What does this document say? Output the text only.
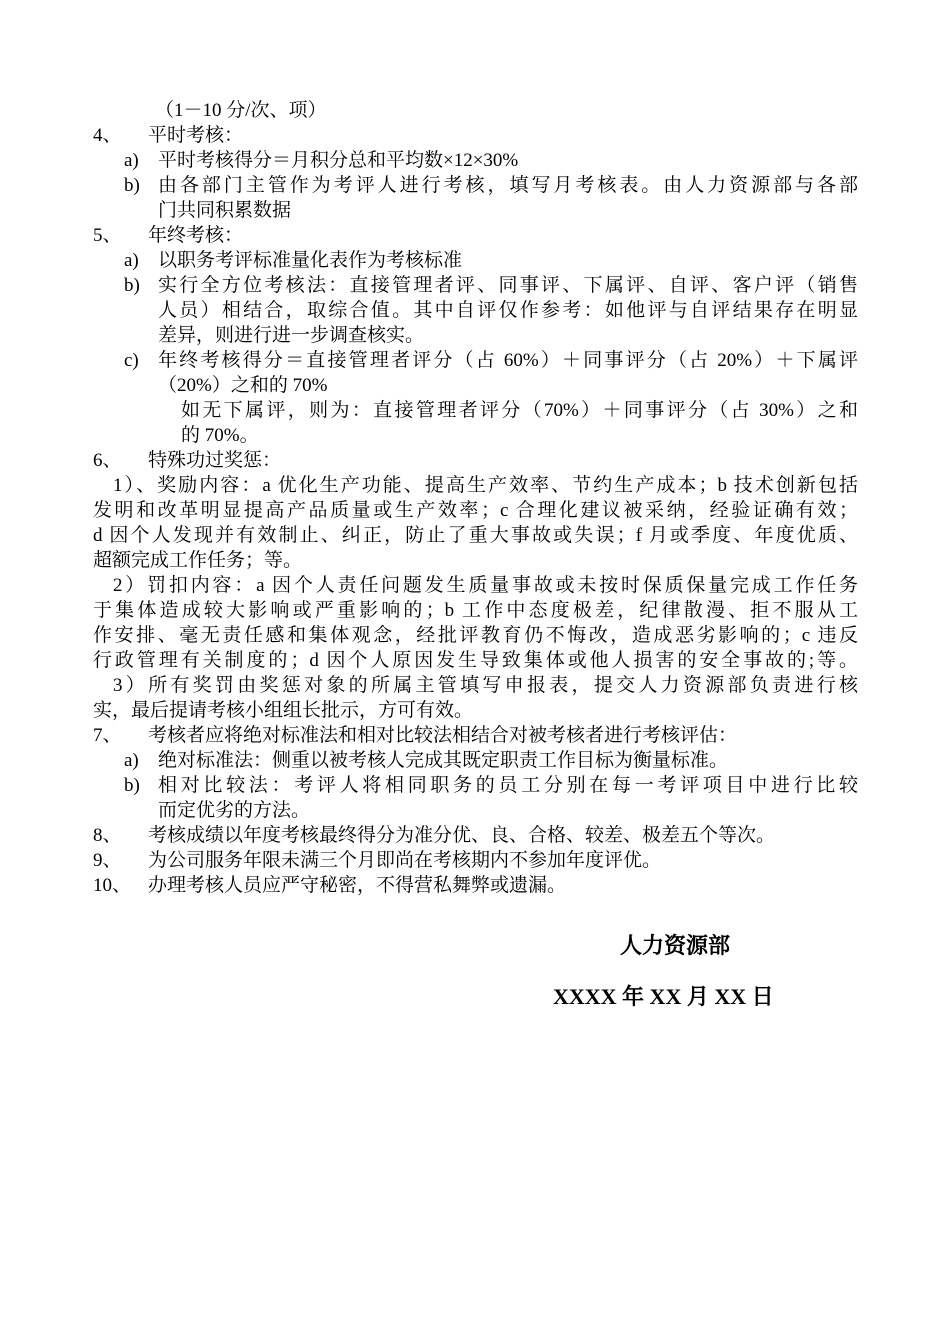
（1－10 分/次、项）
4、 平时考核：
a) 平时考核得分＝月积分总和平均数×12×30%
b) 由各部门主管作为考评人进行考核，填写月考核表。由人力资源部与各部
门共同积累数据
5、 年终考核：
a) 以职务考评标准量化表作为考核标准
b) 实行全方位考核法：直接管理者评、同事评、下属评、自评、客户评（销售
人员）相结合，取综合值。其中自评仅作参考：如他评与自评结果存在明显
差异，则进行进一步调查核实。
c) 年终考核得分＝直接管理者评分（占 60%）＋同事评分（占 20%）＋下属评
（20%）之和的 70%
如无下属评，则为：直接管理者评分（70%）＋同事评分（占 30%）之和
的 70%。
6、 特殊功过奖惩：
1）、奖励内容：a 优化生产功能、提高生产效率、节约生产成本；b 技术创新包括
发明和改革明显提高产品质量或生产效率；c 合理化建议被采纳，经验证确有效；
d 因个人发现并有效制止、纠正，防止了重大事故或失误；f 月或季度、年度优质、
超额完成工作任务；等。
2）罚扣内容：a 因个人责任问题发生质量事故或未按时保质保量完成工作任务
于集体造成较大影响或严重影响的；b 工作中态度极差，纪律散漫、拒不服从工
作安排、毫无责任感和集体观念，经批评教育仍不悔改，造成恶劣影响的；c 违反
行政管理有关制度的；d 因个人原因发生导致集体或他人损害的安全事故的;等。
3）所有奖罚由奖惩对象的所属主管填写申报表，提交人力资源部负责进行核
实，最后提请考核小组组长批示，方可有效。
7、 考核者应将绝对标准法和相对比较法相结合对被考核者进行考核评估：
a) 绝对标准法：侧重以被考核人完成其既定职责工作目标为衡量标准。
b) 相对比较法：考评人将相同职务的员工分别在每一考评项目中进行比较
而定优劣的方法。
8、 考核成绩以年度考核最终得分为准分优、良、合格、较差、极差五个等次。
9、 为公司服务年限未满三个月即尚在考核期内不参加年度评优。
10、 办理考核人员应严守秘密，不得营私舞弊或遗漏。
人力资源部
XXXX 年 XX 月 XX 日
